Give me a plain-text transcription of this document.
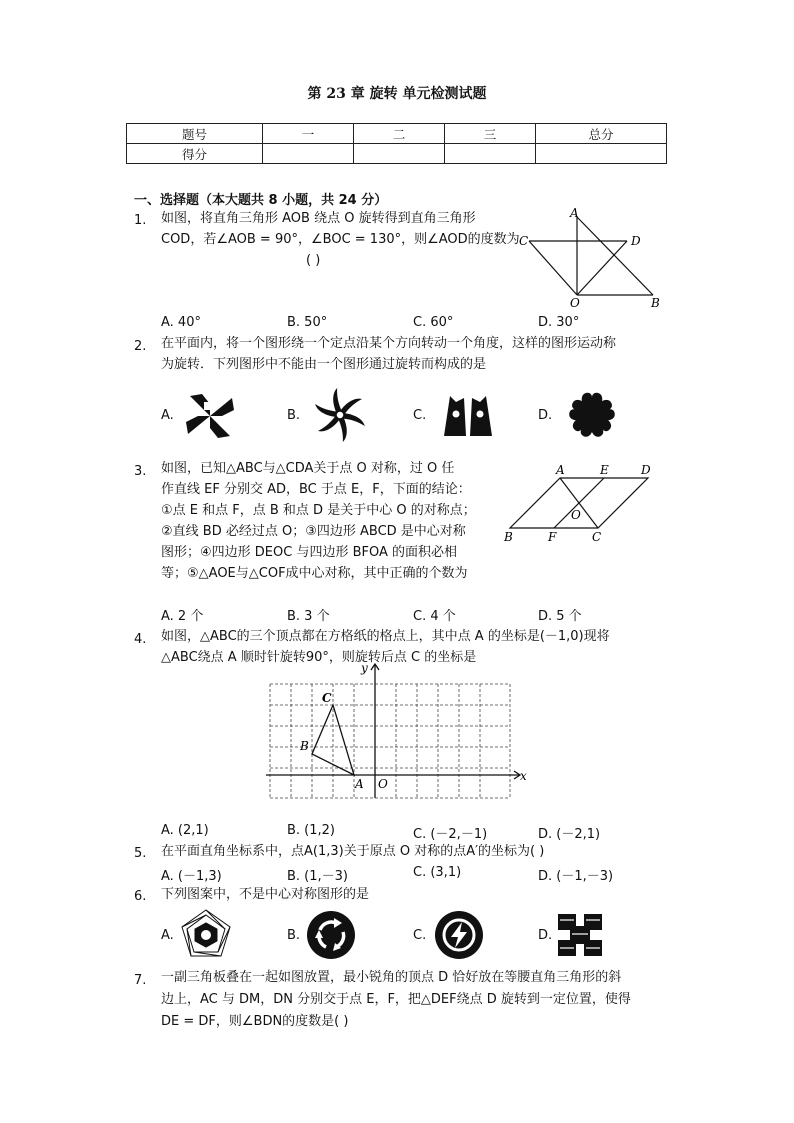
第 23 章 旋转 单元检测试题
题号	一	二	三	总分
得分				
一、选择题（本大题共 8 小题，共 24 分）
1. 如图，将直角三角形 AOB 绕点 O 旋转得到直角三角形
COD，若∠AOB = 90°，∠BOC = 130°，则∠AOD的度数为
( )
A
C	D
O	B
A. 40°	B. 50°	C. 60°	D. 30°
2. 在平面内，将一个图形绕一个定点沿某个方向转动一个角度，这样的图形运动称
为旋转．下列图形中不能由一个图形通过旋转而构成的是
A.	B.	C.	D.
3. 如图，已知△ABC与△CDA关于点 O 对称，过 O 任
作直线 EF 分别交 AD，BC 于点 E，F，下面的结论：
①点 E 和点 F，点 B 和点 D 是关于中心 O 的对称点；
②直线 BD 必经过点 O；③四边形 ABCD 是中心对称
图形；④四边形 DEOC 与四边形 BFOA 的面积必相
等；⑤△AOE与△COF成中心对称，其中正确的个数为
A	E	D
O
B	F	C
A. 2 个	B. 3 个	C. 4 个	D. 5 个
4. 如图，△ABC的三个顶点都在方格纸的格点上，其中点 A 的坐标是(－1,0)现将
△ABC绕点 A 顺时针旋转90°，则旋转后点 C 的坐标是
y
C
B
A O
x
A. (2,1)	B. (1,2)	C. (－2,－1)	D. (－2,1)
5. 在平面直角坐标系中，点A(1,3)关于原点 O 对称的点A′的坐标为( )
A. (－1,3)	B. (1,－3)	C. (3,1)	D. (－1,－3)
6. 下列图案中，不是中心对称图形的是
A.	B.	C.	D.
7. 一副三角板叠在一起如图放置，最小锐角的顶点 D 恰好放在等腰直角三角形的斜
边上，AC 与 DM，DN 分别交于点 E，F，把△DEF绕点 D 旋转到一定位置，使得
DE = DF，则∠BDN的度数是( )
